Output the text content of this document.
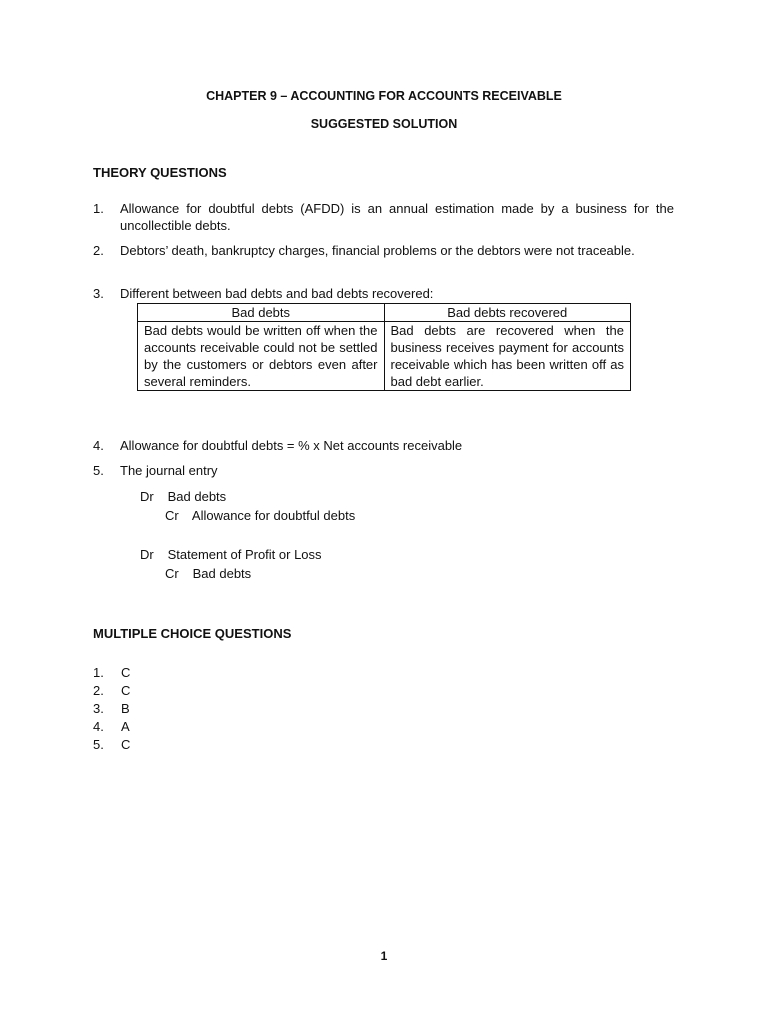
CHAPTER 9 – ACCOUNTING FOR ACCOUNTS RECEIVABLE
SUGGESTED SOLUTION
THEORY QUESTIONS
1. Allowance for doubtful debts (AFDD) is an annual estimation made by a business for the uncollectible debts.
2. Debtors’ death, bankruptcy charges, financial problems or the debtors were not traceable.
3. Different between bad debts and bad debts recovered:
4. Allowance for doubtful debts = % x Net accounts receivable
5. The journal entry
Bad debts	Bad debts recovered
Bad debts would be written off when the accounts receivable could not be settled by the customers or debtors even after several reminders.	Bad debts are recovered when the business receives payment for accounts receivable which has been written off as bad debt earlier.
Dr Bad debts
Cr Allowance for doubtful debts
Dr Statement of Profit or Loss
Cr Bad debts
MULTIPLE CHOICE QUESTIONS
1. C
2. C
3. B
4. A
5. C
1
